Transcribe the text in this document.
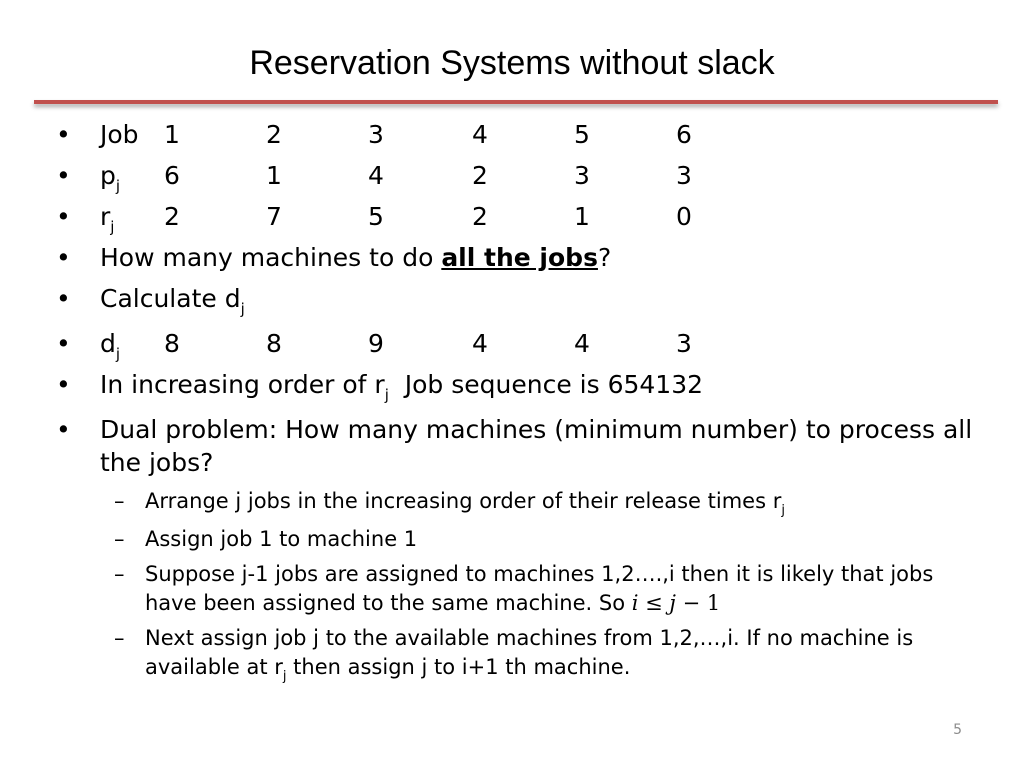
Reservation Systems without slack
• Job 1	2	3	4	5	6
• $p_j$ 6	1	4	2	3	3
• $r_j$ 2	7	5	2	1	0
• How many machines to do all the jobs?
• Calculate $d_j$
• $d_j$ 8	8	9	4	4	3
• In increasing order of $r_j$  Job sequence is 654132
• Dual problem: How many machines (minimum number) to process all the jobs?
– Arrange j jobs in the increasing order of their release times $r_j$
– Assign job 1 to machine 1
– Suppose j-1 jobs are assigned to machines 1,2….,i then it is likely that jobs have been assigned to the same machine. So i ≤ j − 1
– Next assign job j to the available machines from 1,2,…,i. If no machine is available at $r_j$ then assign j to i+1 th machine.
5
